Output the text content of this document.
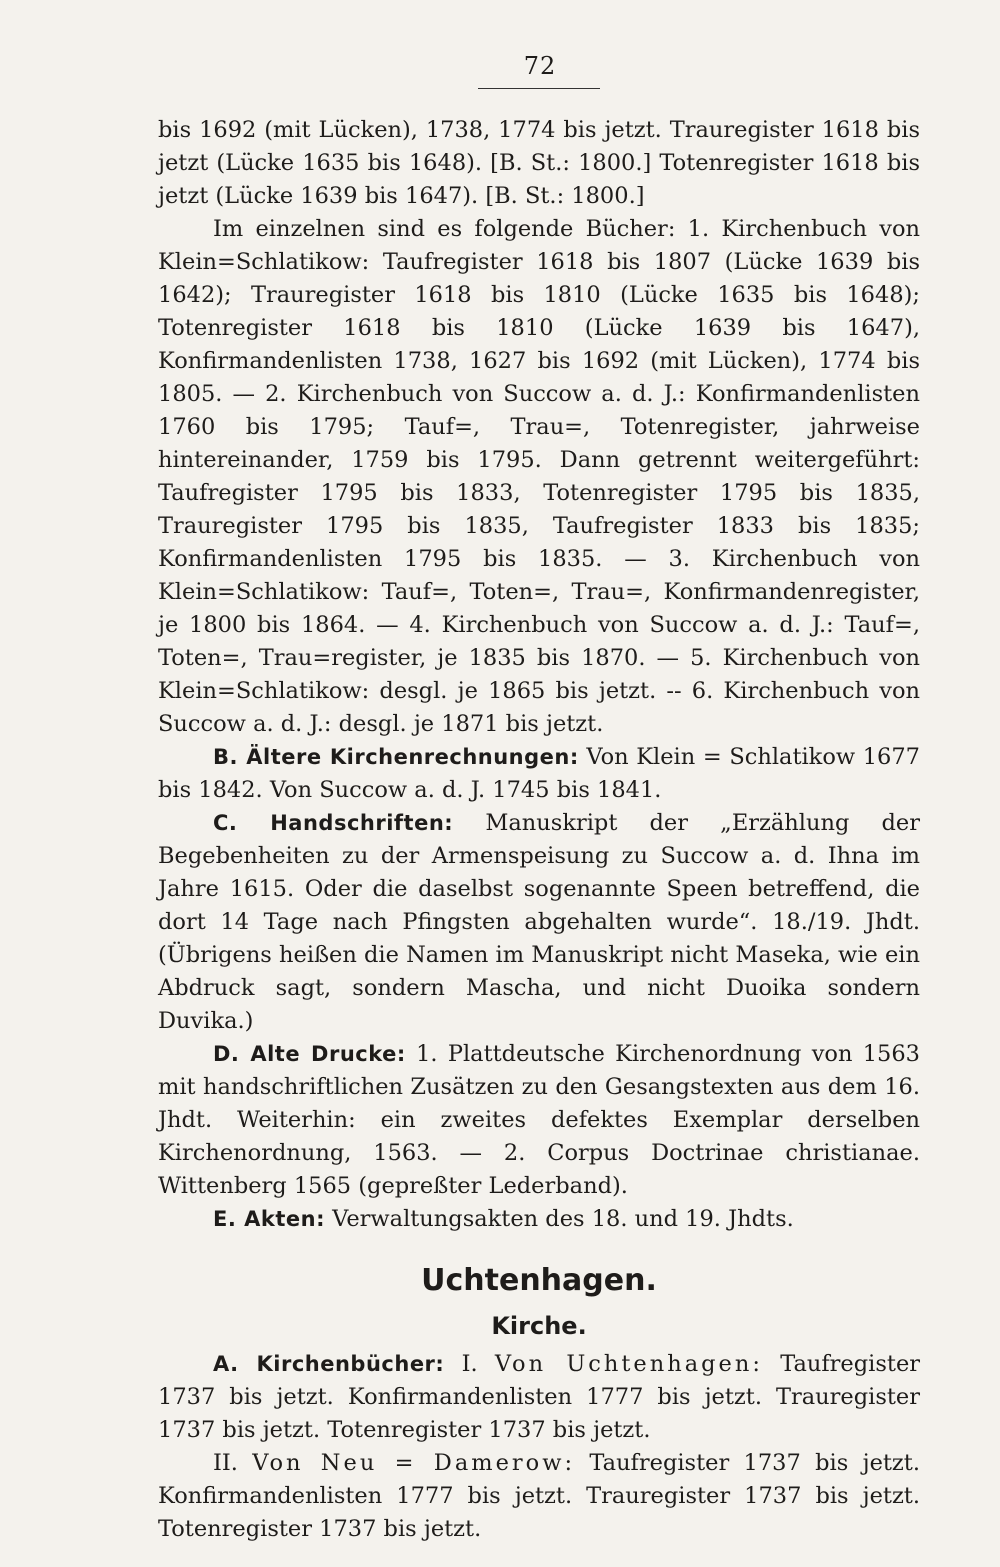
72

bis 1692 (mit Lücken), 1738, 1774 bis jetzt. Trauregister 1618 bis jetzt (Lücke 1635 bis 1648). [B. St.: 1800.] Totenregister 1618 bis jetzt (Lücke 1639 bis 1647). [B. St.: 1800.]

Im einzelnen sind es folgende Bücher: 1. Kirchenbuch von Klein=Schlatikow: Taufregister 1618 bis 1807 (Lücke 1639 bis 1642); Trauregister 1618 bis 1810 (Lücke 1635 bis 1648); Totenregister 1618 bis 1810 (Lücke 1639 bis 1647), Konfirmandenlisten 1738, 1627 bis 1692 (mit Lücken), 1774 bis 1805. — 2. Kirchenbuch von Succow a. d. J.: Konfirmandenlisten 1760 bis 1795; Tauf=, Trau=, Totenregister, jahrweise hintereinander, 1759 bis 1795. Dann getrennt weitergeführt: Taufregister 1795 bis 1833, Totenregister 1795 bis 1835, Trauregister 1795 bis 1835, Taufregister 1833 bis 1835; Konfirmandenlisten 1795 bis 1835. — 3. Kirchenbuch von Klein=Schlatikow: Tauf=, Toten=, Trau=, Konfirmandenregister, je 1800 bis 1864. — 4. Kirchenbuch von Succow a. d. J.: Tauf=, Toten=, Trau=register, je 1835 bis 1870. — 5. Kirchenbuch von Klein=Schlatikow: desgl. je 1865 bis jetzt. -- 6. Kirchenbuch von Succow a. d. J.: desgl. je 1871 bis jetzt.

B. Ältere Kirchenrechnungen: Von Klein = Schlatikow 1677 bis 1842. Von Succow a. d. J. 1745 bis 1841.

C. Handschriften: Manuskript der „Erzählung der Begebenheiten zu der Armenspeisung zu Succow a. d. Ihna im Jahre 1615. Oder die daselbst sogenannte Speen betreffend, die dort 14 Tage nach Pfingsten abgehalten wurde“. 18./19. Jhdt. (Übrigens heißen die Namen im Manuskript nicht Maseka, wie ein Abdruck sagt, sondern Mascha, und nicht Duoika sondern Duvika.)

D. Alte Drucke: 1. Plattdeutsche Kirchenordnung von 1563 mit handschriftlichen Zusätzen zu den Gesangstexten aus dem 16. Jhdt. Weiterhin: ein zweites defektes Exemplar derselben Kirchenordnung, 1563. — 2. Corpus Doctrinae christianae. Wittenberg 1565 (gepreßter Lederband).

E. Akten: Verwaltungsakten des 18. und 19. Jhdts.

Uchtenhagen.
Kirche.

A. Kirchenbücher: I. Von Uchtenhagen: Taufregister 1737 bis jetzt. Konfirmandenlisten 1777 bis jetzt. Trauregister 1737 bis jetzt. Totenregister 1737 bis jetzt.

II. Von Neu = Damerow: Taufregister 1737 bis jetzt. Konfirmandenlisten 1777 bis jetzt. Trauregister 1737 bis jetzt. Totenregister 1737 bis jetzt.
